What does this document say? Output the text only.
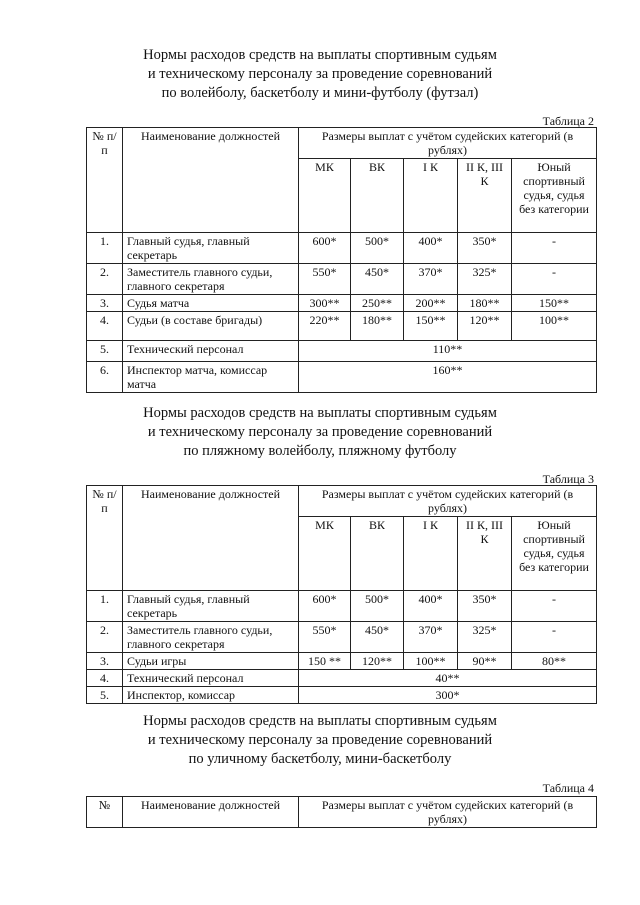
Нормы расходов средств на выплаты спортивным судьям
и техническому персоналу за проведение соревнований
по волейболу, баскетболу и мини-футболу (футзал)
Таблица 2
№ п/п	Наименование должностей	Размеры выплат с учётом судейских категорий (в рублях)				
		МК	ВК	I К	II К, III К	Юный спортивный судья, судья без категории
1.	Главный судья, главный секретарь	600*	500*	400*	350*	-
2.	Заместитель главного судьи, главного секретаря	550*	450*	370*	325*	-
3.	Судья матча	300**	250**	200**	180**	150**
4.	Судьи (в составе бригады)	220**	180**	150**	120**	100**
5.	Технический персонал	110**				
6.	Инспектор матча, комиссар матча	160**				
Нормы расходов средств на выплаты спортивным судьям
и техническому персоналу за проведение соревнований
по пляжному волейболу, пляжному футболу
Таблица 3
№ п/п	Наименование должностей	Размеры выплат с учётом судейских категорий (в рублях)				
		МК	ВК	I К	II К, III К	Юный спортивный судья, судья без категории
1.	Главный судья, главный секретарь	600*	500*	400*	350*	-
2.	Заместитель главного судьи, главного секретаря	550*	450*	370*	325*	-
3.	Судьи игры	150 **	120**	100**	90**	80**
4.	Технический персонал	40**				
5.	Инспектор, комиссар	300*				
Нормы расходов средств на выплаты спортивным судьям
и техническому персоналу за проведение соревнований
по уличному баскетболу, мини-баскетболу
Таблица 4
№	Наименование должностей	Размеры выплат с учётом судейских категорий (в рублях)
